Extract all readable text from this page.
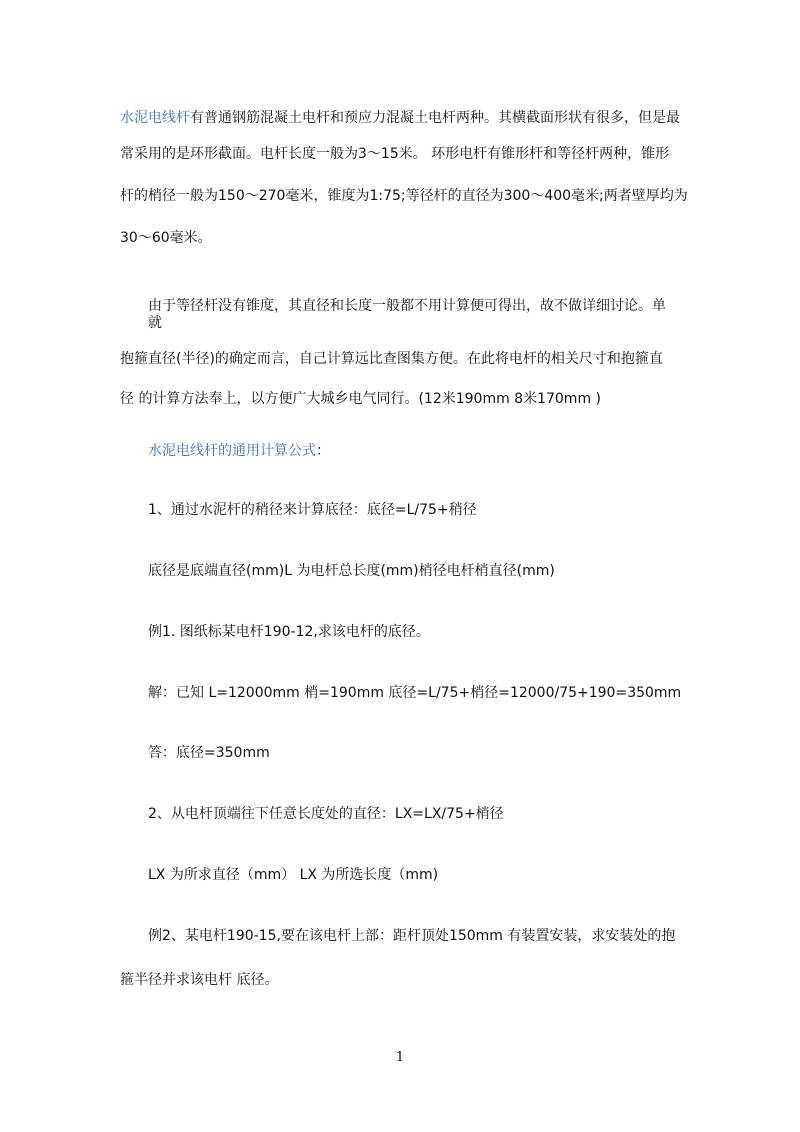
水泥电线杆有普通钢筋混凝土电杆和预应力混凝土电杆两种。其横截面形状有很多，但是最
常采用的是环形截面。电杆长度一般为3～15米。 环形电杆有锥形杆和等径杆两种，锥形
杆的梢径一般为150～270毫米，锥度为1:75;等径杆的直径为300～400毫米;两者壁厚均为
30～60毫米。
由于等径杆没有锥度，其直径和长度一般都不用计算便可得出，故不做详细讨论。单
就
抱箍直径(半径)的确定而言，自己计算远比查图集方便。在此将电杆的相关尺寸和抱箍直
径 的计算方法奉上，以方便广大城乡电气同行。(12米190mm 8米170mm )
水泥电线杆的通用计算公式：
1、通过水泥杆的稍径来计算底径：底径=L/75+稍径
底径是底端直径(mm)L 为电杆总长度(mm)梢径电杆梢直径(mm)
例1. 图纸标某电杆190-12,求该电杆的底径。
解：已知 L=12000mm 梢=190mm 底径=L/75+梢径=12000/75+190=350mm
答：底径=350mm
2、从电杆顶端往下任意长度处的直径：LX=LX/75+梢径
LX 为所求直径（mm） LX 为所选长度（mm)
例2、某电杆190-15,要在该电杆上部：距杆顶处150mm 有装置安装，求安装处的抱
箍半径并求该电杆 底径。
1
